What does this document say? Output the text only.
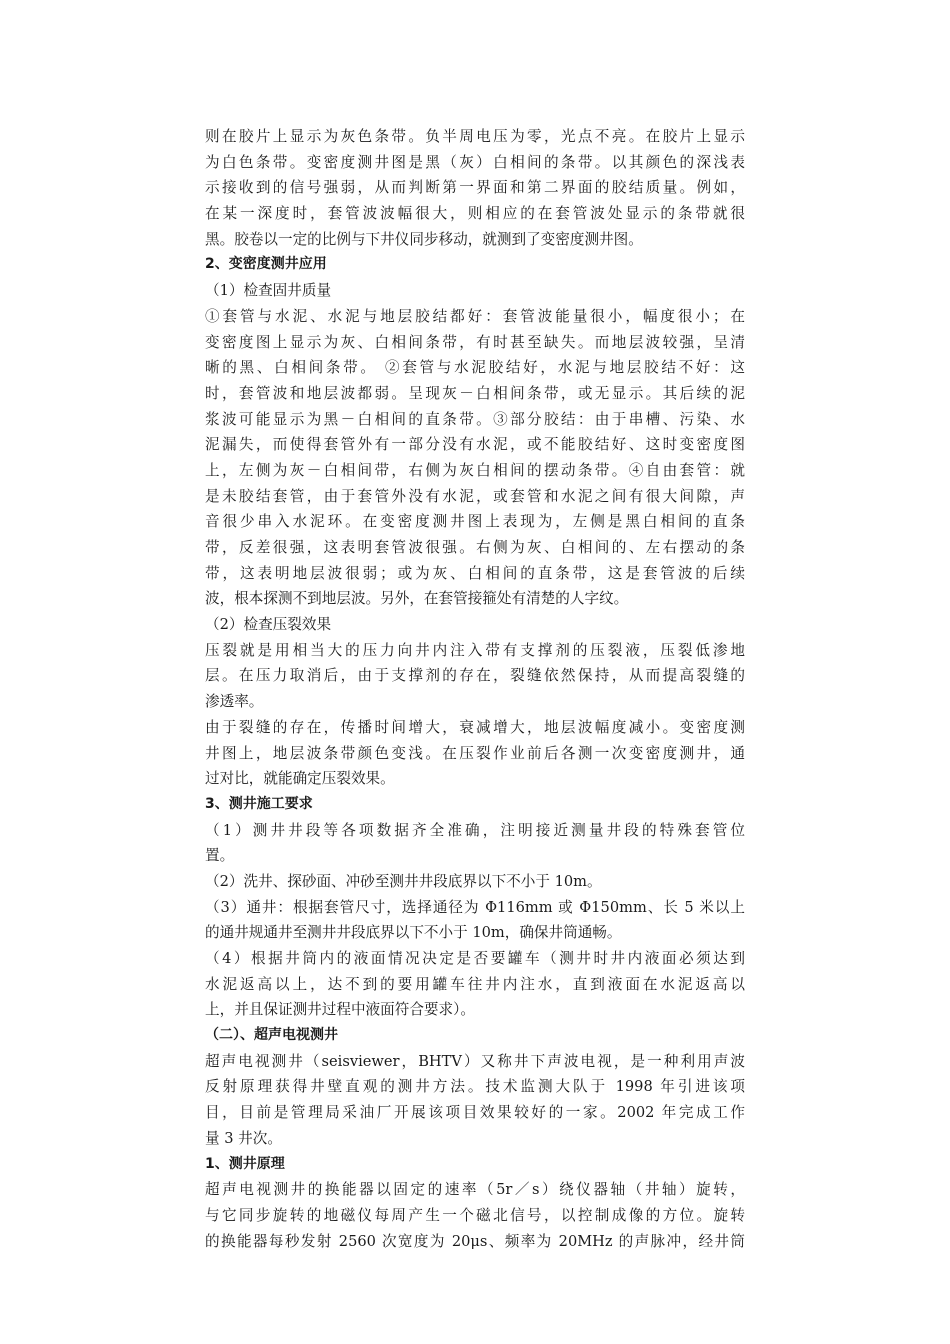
则在胶片上显示为灰色条带。负半周电压为零，光点不亮。在胶片上显示
为白色条带。变密度测井图是黑（灰）白相间的条带。以其颜色的深浅表
示接收到的信号强弱，从而判断第一界面和第二界面的胶结质量。例如，
在某一深度时，套管波波幅很大，则相应的在套管波处显示的条带就很
黑。胶卷以一定的比例与下井仪同步移动，就测到了变密度测井图。
2、变密度测井应用
（1）检查固井质量
①套管与水泥、水泥与地层胶结都好：套管波能量很小，幅度很小；在
变密度图上显示为灰、白相间条带，有时甚至缺失。而地层波较强，呈清
晰的黑、白相间条带。 ②套管与水泥胶结好，水泥与地层胶结不好：这
时，套管波和地层波都弱。呈现灰－白相间条带，或无显示。其后续的泥
浆波可能显示为黑－白相间的直条带。③部分胶结：由于串槽、污染、水
泥漏失，而使得套管外有一部分没有水泥，或不能胶结好、这时变密度图
上，左侧为灰－白相间带，右侧为灰白相间的摆动条带。④自由套管：就
是未胶结套管，由于套管外没有水泥，或套管和水泥之间有很大间隙，声
音很少串入水泥环。在变密度测井图上表现为，左侧是黑白相间的直条
带，反差很强，这表明套管波很强。右侧为灰、白相间的、左右摆动的条
带，这表明地层波很弱；或为灰、白相间的直条带，这是套管波的后续
波，根本探测不到地层波。另外，在套管接箍处有清楚的人字纹。
（2）检查压裂效果
压裂就是用相当大的压力向井内注入带有支撑剂的压裂液，压裂低渗地
层。在压力取消后，由于支撑剂的存在，裂缝依然保持，从而提高裂缝的
渗透率。
由于裂缝的存在，传播时间增大，衰减增大，地层波幅度减小。变密度测
井图上，地层波条带颜色变浅。在压裂作业前后各测一次变密度测井，通
过对比，就能确定压裂效果。
3、测井施工要求
（1）测井井段等各项数据齐全准确，注明接近测量井段的特殊套管位
置。
（2）洗井、探砂面、冲砂至测井井段底界以下不小于 10m。
（3）通井：根据套管尺寸，选择通径为 Φ116mm 或 Φ150mm、长 5 米以上
的通井规通井至测井井段底界以下不小于 10m，确保井筒通畅。
（4）根据井筒内的液面情况决定是否要罐车（测井时井内液面必须达到
水泥返高以上，达不到的要用罐车往井内注水，直到液面在水泥返高以
上，并且保证测井过程中液面符合要求）。
（二）、超声电视测井
超声电视测井（seisviewer，BHTV）又称井下声波电视，是一种利用声波
反射原理获得井壁直观的测井方法。技术监测大队于 1998 年引进该项
目，目前是管理局采油厂开展该项目效果较好的一家。2002 年完成工作
量 3 井次。
1、测井原理
超声电视测井的换能器以固定的速率（5r／s）绕仪器轴（井轴）旋转，
与它同步旋转的地磁仪每周产生一个磁北信号，以控制成像的方位。旋转
的换能器每秒发射 2560 次宽度为 20μs、频率为 20MHz 的声脉冲，经井筒
